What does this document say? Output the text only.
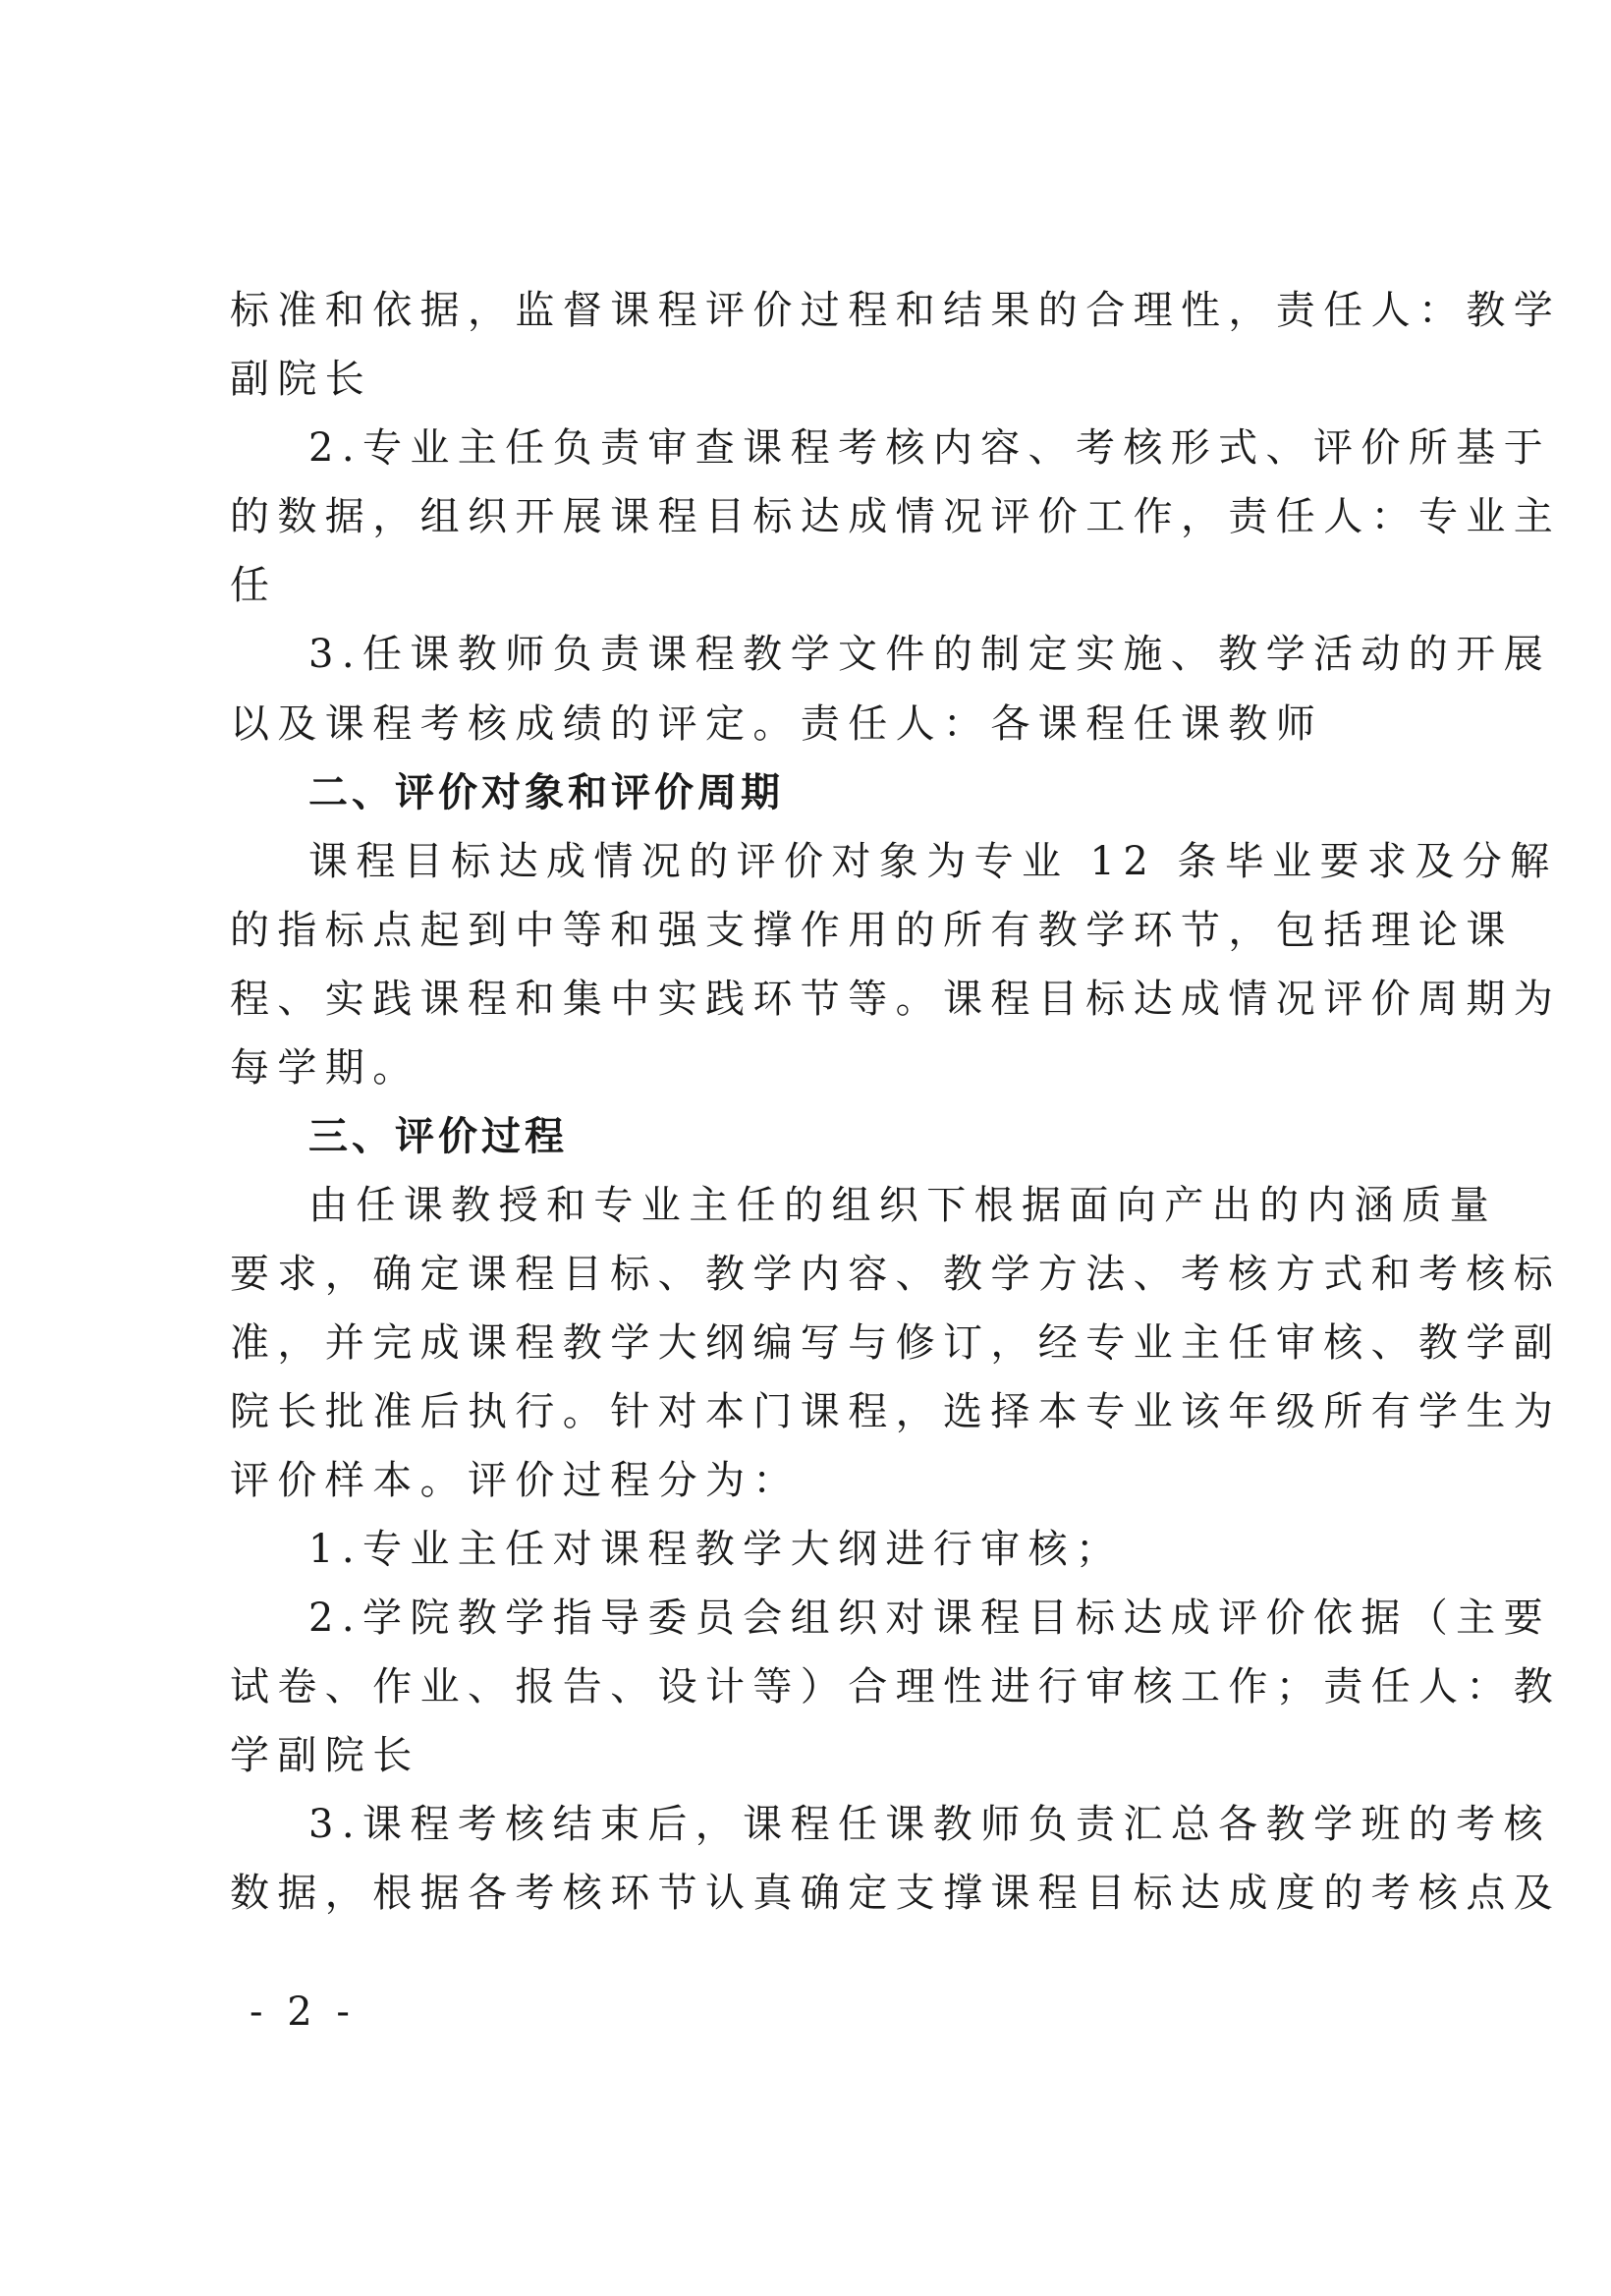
标准和依据，监督课程评价过程和结果的合理性，责任人：教学
副院长
2.专业主任负责审查课程考核内容、考核形式、评价所基于
的数据，组织开展课程目标达成情况评价工作，责任人：专业主
任
3.任课教师负责课程教学文件的制定实施、教学活动的开展
以及课程考核成绩的评定。责任人：各课程任课教师
二、评价对象和评价周期
课程目标达成情况的评价对象为专业 12 条毕业要求及分解
的指标点起到中等和强支撑作用的所有教学环节，包括理论课
程、实践课程和集中实践环节等。课程目标达成情况评价周期为
每学期。
三、评价过程
由任课教授和专业主任的组织下根据面向产出的内涵质量
要求，确定课程目标、教学内容、教学方法、考核方式和考核标
准，并完成课程教学大纲编写与修订，经专业主任审核、教学副
院长批准后执行。针对本门课程，选择本专业该年级所有学生为
评价样本。评价过程分为：
1.专业主任对课程教学大纲进行审核；
2.学院教学指导委员会组织对课程目标达成评价依据（主要
试卷、作业、报告、设计等）合理性进行审核工作；责任人：教
学副院长
3.课程考核结束后，课程任课教师负责汇总各教学班的考核
数据，根据各考核环节认真确定支撑课程目标达成度的考核点及
- 2 -
